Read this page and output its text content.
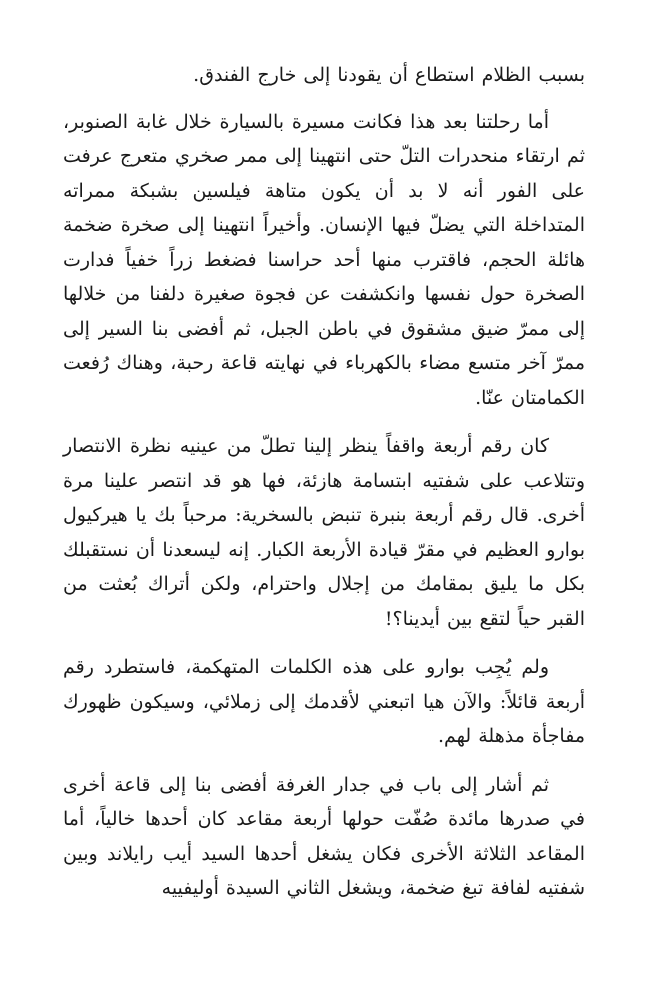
بسبب الظلام استطاع أن يقودنا إلى خارج الفندق.

أما رحلتنا بعد هذا فكانت مسيرة بالسيارة خلال غابة الصنوبر، ثم ارتقاء منحدرات التلّ حتى انتهينا إلى ممر صخري متعرج عرفت على الفور أنه لا بد أن يكون متاهة فيلسين بشبكة ممراته المتداخلة التي يضلّ فيها الإنسان. وأخيراً انتهينا إلى صخرة ضخمة هائلة الحجم، فاقترب منها أحد حراسنا فضغط زراً خفياً فدارت الصخرة حول نفسها وانكشفت عن فجوة صغيرة دلفنا من خلالها إلى ممرّ ضيق مشقوق في باطن الجبل، ثم أفضى بنا السير إلى ممرّ آخر متسع مضاء بالكهرباء في نهايته قاعة رحبة، وهناك رُفعت الكمامتان عنّا.

كان رقم أربعة واقفاً ينظر إلينا تطلّ من عينيه نظرة الانتصار وتتلاعب على شفتيه ابتسامة هازئة، فها هو قد انتصر علينا مرة أخرى. قال رقم أربعة بنبرة تنبض بالسخرية: مرحباً بك يا هيركيول بوارو العظيم في مقرّ قيادة الأربعة الكبار. إنه ليسعدنا أن نستقبلك بكل ما يليق بمقامك من إجلال واحترام، ولكن أتراك بُعثت من القبر حياً لتقع بين أيدينا؟!

ولم يُجِب بوارو على هذه الكلمات المتهكمة، فاستطرد رقم أربعة قائلاً: والآن هيا اتبعني لأقدمك إلى زملائي، وسيكون ظهورك مفاجأة مذهلة لهم.

ثم أشار إلى باب في جدار الغرفة أفضى بنا إلى قاعة أخرى في صدرها مائدة صُفّت حولها أربعة مقاعد كان أحدها خالياً، أما المقاعد الثلاثة الأخرى فكان يشغل أحدها السيد أيب رايلاند وبين شفتيه لفافة تبغ ضخمة، ويشغل الثاني السيدة أوليفييه
